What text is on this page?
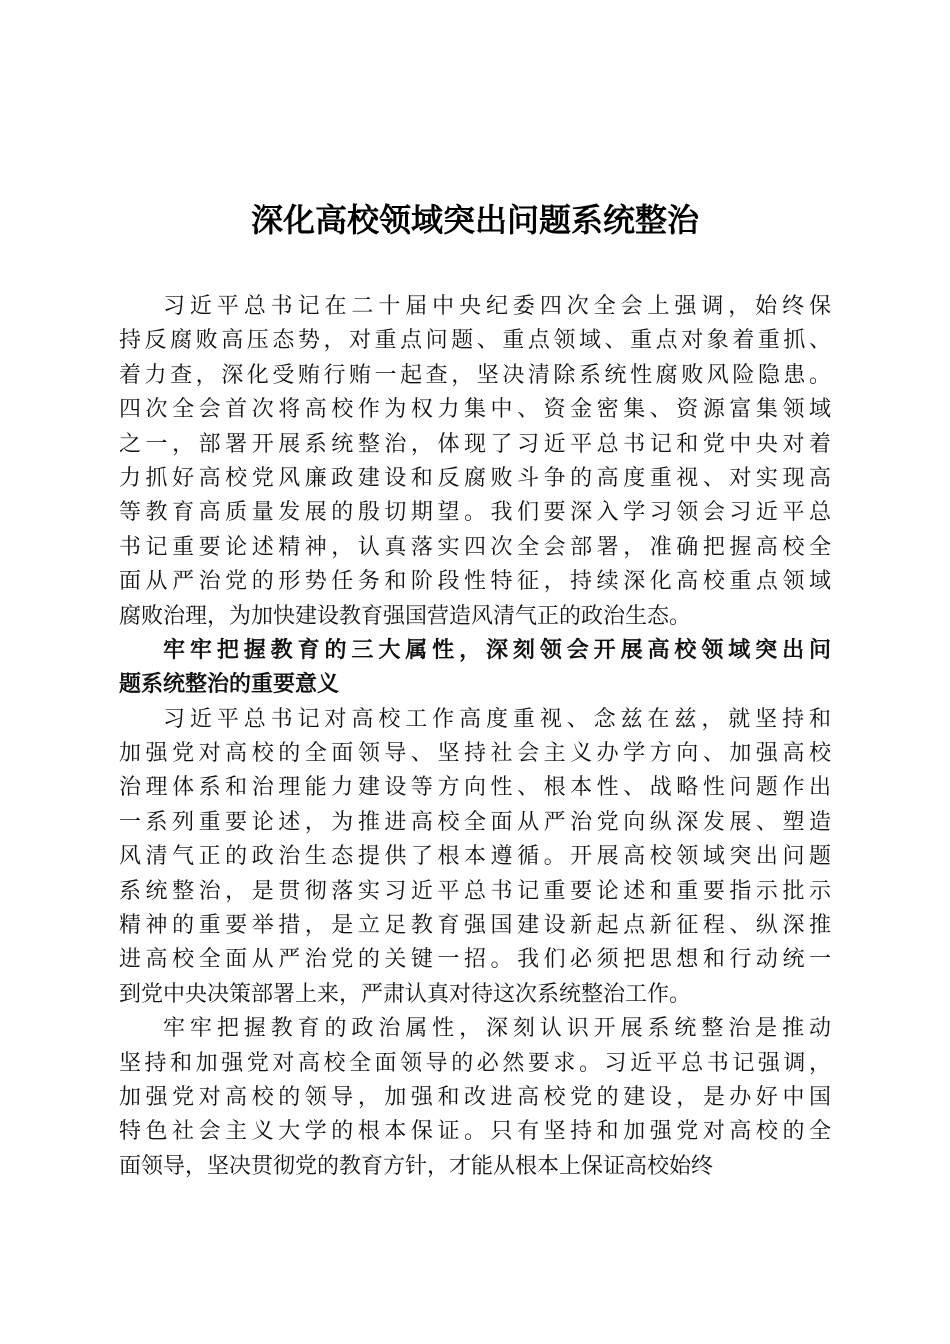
深化高校领域突出问题系统整治
习近平总书记在二十届中央纪委四次全会上强调，始终保
持反腐败高压态势，对重点问题、重点领域、重点对象着重抓、
着力查，深化受贿行贿一起查，坚决清除系统性腐败风险隐患。
四次全会首次将高校作为权力集中、资金密集、资源富集领域
之一，部署开展系统整治，体现了习近平总书记和党中央对着
力抓好高校党风廉政建设和反腐败斗争的高度重视、对实现高
等教育高质量发展的殷切期望。我们要深入学习领会习近平总
书记重要论述精神，认真落实四次全会部署，准确把握高校全
面从严治党的形势任务和阶段性特征，持续深化高校重点领域
腐败治理，为加快建设教育强国营造风清气正的政治生态。
牢牢把握教育的三大属性，深刻领会开展高校领域突出问
题系统整治的重要意义
习近平总书记对高校工作高度重视、念兹在兹，就坚持和
加强党对高校的全面领导、坚持社会主义办学方向、加强高校
治理体系和治理能力建设等方向性、根本性、战略性问题作出
一系列重要论述，为推进高校全面从严治党向纵深发展、塑造
风清气正的政治生态提供了根本遵循。开展高校领域突出问题
系统整治，是贯彻落实习近平总书记重要论述和重要指示批示
精神的重要举措，是立足教育强国建设新起点新征程、纵深推
进高校全面从严治党的关键一招。我们必须把思想和行动统一
到党中央决策部署上来，严肃认真对待这次系统整治工作。
牢牢把握教育的政治属性，深刻认识开展系统整治是推动
坚持和加强党对高校全面领导的必然要求。习近平总书记强调，
加强党对高校的领导，加强和改进高校党的建设，是办好中国
特色社会主义大学的根本保证。只有坚持和加强党对高校的全
面领导，坚决贯彻党的教育方针，才能从根本上保证高校始终
